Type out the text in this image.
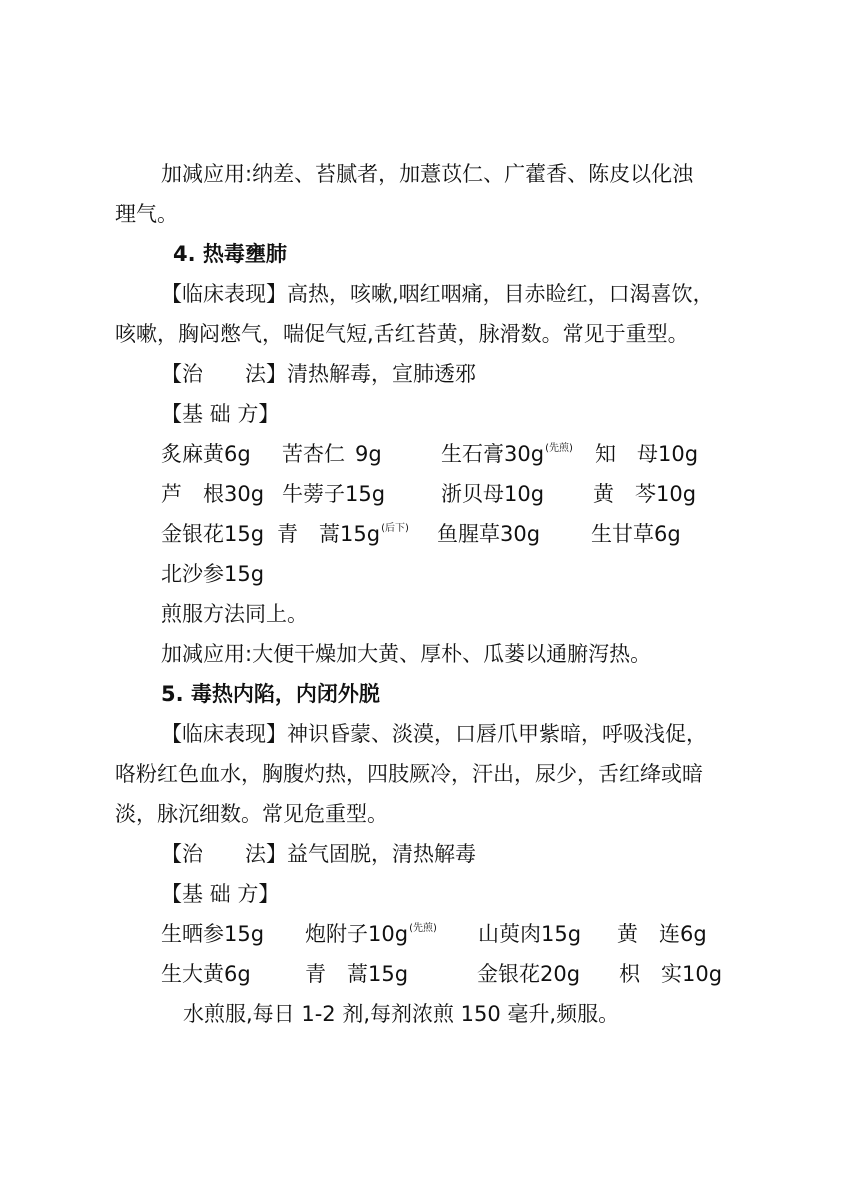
加减应用:纳差、苔腻者，加薏苡仁、广藿香、陈皮以化浊
理气。
4. 热毒壅肺
【临床表现】高热，咳嗽,咽红咽痛，目赤睑红，口渴喜饮，
咳嗽，胸闷憋气，喘促气短,舌红苔黄，脉滑数。常见于重型。
【治　　法】清热解毒，宣肺透邪
【基 础 方】
炙麻黄6g 苦杏仁 9g	生石膏30g$^{(先煎)}$ 知　母10g
芦　根30g 牛蒡子15g	浙贝母10g 黄　芩10g
金银花15g 青　蒿15g$^{(后下)}$ 鱼腥草30g 生甘草6g
北沙参15g
煎服方法同上。
加减应用:大便干燥加大黄、厚朴、瓜蒌以通腑泻热。
5. 毒热内陷，内闭外脱
【临床表现】神识昏蒙、淡漠，口唇爪甲紫暗，呼吸浅促，
咯粉红色血水，胸腹灼热，四肢厥冷，汗出，尿少，舌红绛或暗
淡，脉沉细数。常见危重型。
【治　　法】益气固脱，清热解毒
【基 础 方】
生晒参15g 炮附子10g$^{(先煎)}$ 山萸肉15g 黄　连6g
生大黄6g	青　蒿15g	金银花20g 枳　实10g
水煎服,每日 1-2 剂,每剂浓煎 150 毫升,频服。
